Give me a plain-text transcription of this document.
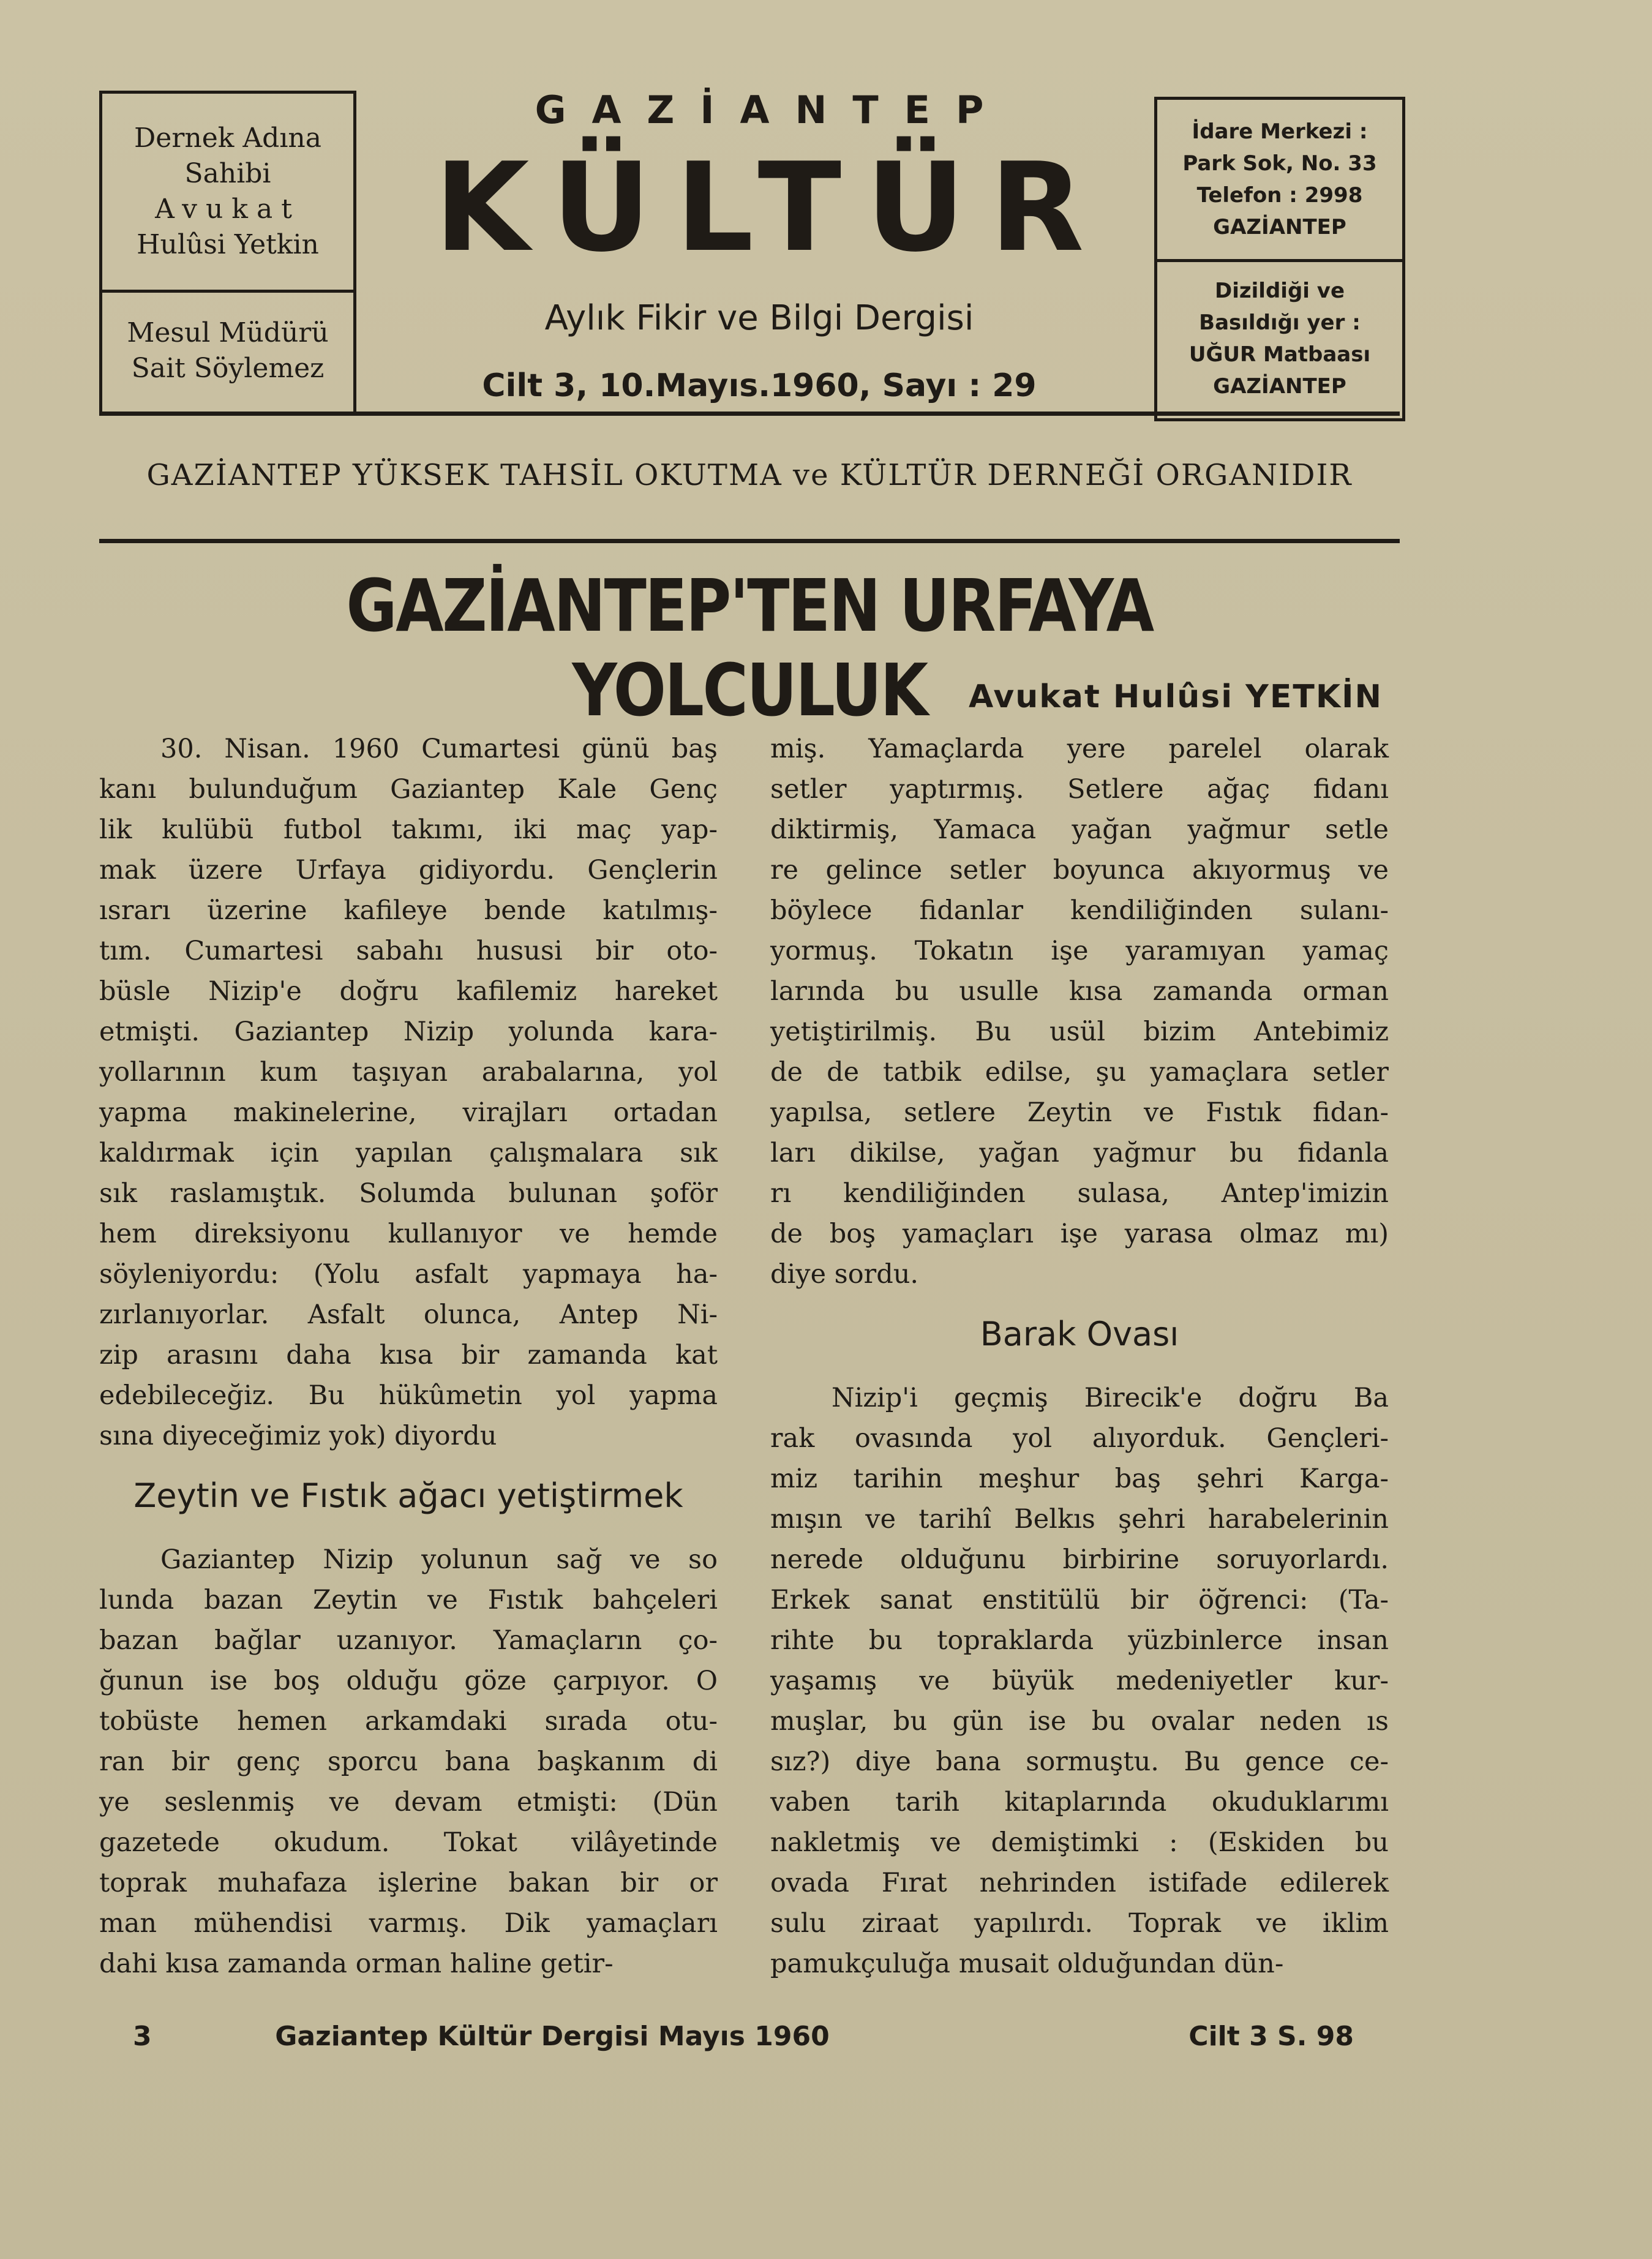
Dernek Adına
Sahibi
Avukat
Hulûsi Yetkin
Mesul Müdürü
Sait Söylemez
GAZİANTEP
KÜLTÜR
Aylık Fikir ve Bilgi Dergisi
Cilt 3, 10.Mayıs.1960, Sayı : 29
İdare Merkezi :
Park Sok, No. 33
Telefon : 2998
GAZİANTEP
Dizildiği ve
Basıldığı yer :
UĞUR Matbaası
GAZİANTEP
GAZİANTEP YÜKSEK TAHSİL OKUTMA ve KÜLTÜR DERNEĞİ ORGANIDIR
GAZİANTEP'TEN URFAYA YOLCULUK	Avukat Hulûsi YETKİN
30. Nisan. 1960 Cumartesi günü baş
kanı bulunduğum Gaziantep Kale Genç
lik kulübü futbol takımı, iki maç yap-
mak üzere Urfaya gidiyordu. Gençlerin
ısrarı üzerine kafileye bende katılmış-
tım. Cumartesi sabahı hususi bir oto-
büsle Nizip'e doğru kafilemiz hareket
etmişti. Gaziantep Nizip yolunda kara-
yollarının kum taşıyan arabalarına, yol
yapma makinelerine, virajları ortadan
kaldırmak için yapılan çalışmalara sık
sık raslamıştık. Solumda bulunan şoför
hem direksiyonu kullanıyor ve hemde
söyleniyordu: (Yolu asfalt yapmaya ha-
zırlanıyorlar. Asfalt olunca, Antep Ni-
zip arasını daha kısa bir zamanda kat
edebileceğiz. Bu hükûmetin yol yapma
sına diyeceğimiz yok) diyordu
Zeytin ve Fıstık ağacı yetiştirmek
Gaziantep Nizip yolunun sağ ve so
lunda bazan Zeytin ve Fıstık bahçeleri
bazan bağlar uzanıyor. Yamaçların ço-
ğunun ise boş olduğu göze çarpıyor. O
tobüste hemen arkamdaki sırada otu-
ran bir genç sporcu bana başkanım di
ye seslenmiş ve devam etmişti: (Dün
gazetede okudum. Tokat vilâyetinde
toprak muhafaza işlerine bakan bir or
man mühendisi varmış. Dik yamaçları
dahi kısa zamanda orman haline getir-
miş. Yamaçlarda yere parelel olarak
setler yaptırmış. Setlere ağaç fidanı
diktirmiş, Yamaca yağan yağmur setle
re gelince setler boyunca akıyormuş ve
böylece fidanlar kendiliğinden sulanı-
yormuş. Tokatın işe yaramıyan yamaç
larında bu usulle kısa zamanda orman
yetiştirilmiş. Bu usül bizim Antebimiz
de de tatbik edilse, şu yamaçlara setler
yapılsa, setlere Zeytin ve Fıstık fidan-
ları dikilse, yağan yağmur bu fidanla
rı kendiliğinden sulasa, Antep'imizin
de boş yamaçları işe yarasa olmaz mı)
diye sordu.
Barak Ovası
Nizip'i geçmiş Birecik'e doğru Ba
rak ovasında yol alıyorduk. Gençleri-
miz tarihin meşhur baş şehri Karga-
mışın ve tarihî Belkıs şehri harabelerinin
nerede olduğunu birbirine soruyorlardı.
Erkek sanat enstitülü bir öğrenci: (Ta-
rihte bu topraklarda yüzbinlerce insan
yaşamış ve büyük medeniyetler kur-
muşlar, bu gün ise bu ovalar neden ıs
sız?) diye bana sormuştu. Bu gence ce-
vaben tarih kitaplarında okuduklarımı
nakletmiş ve demiştimki : (Eskiden bu
ovada Fırat nehrinden istifade edilerek
sulu ziraat yapılırdı. Toprak ve iklim
pamukçuluğa musait olduğundan dün-
3	Gaziantep Kültür Dergisi Mayıs 1960	Cilt 3 S. 98
